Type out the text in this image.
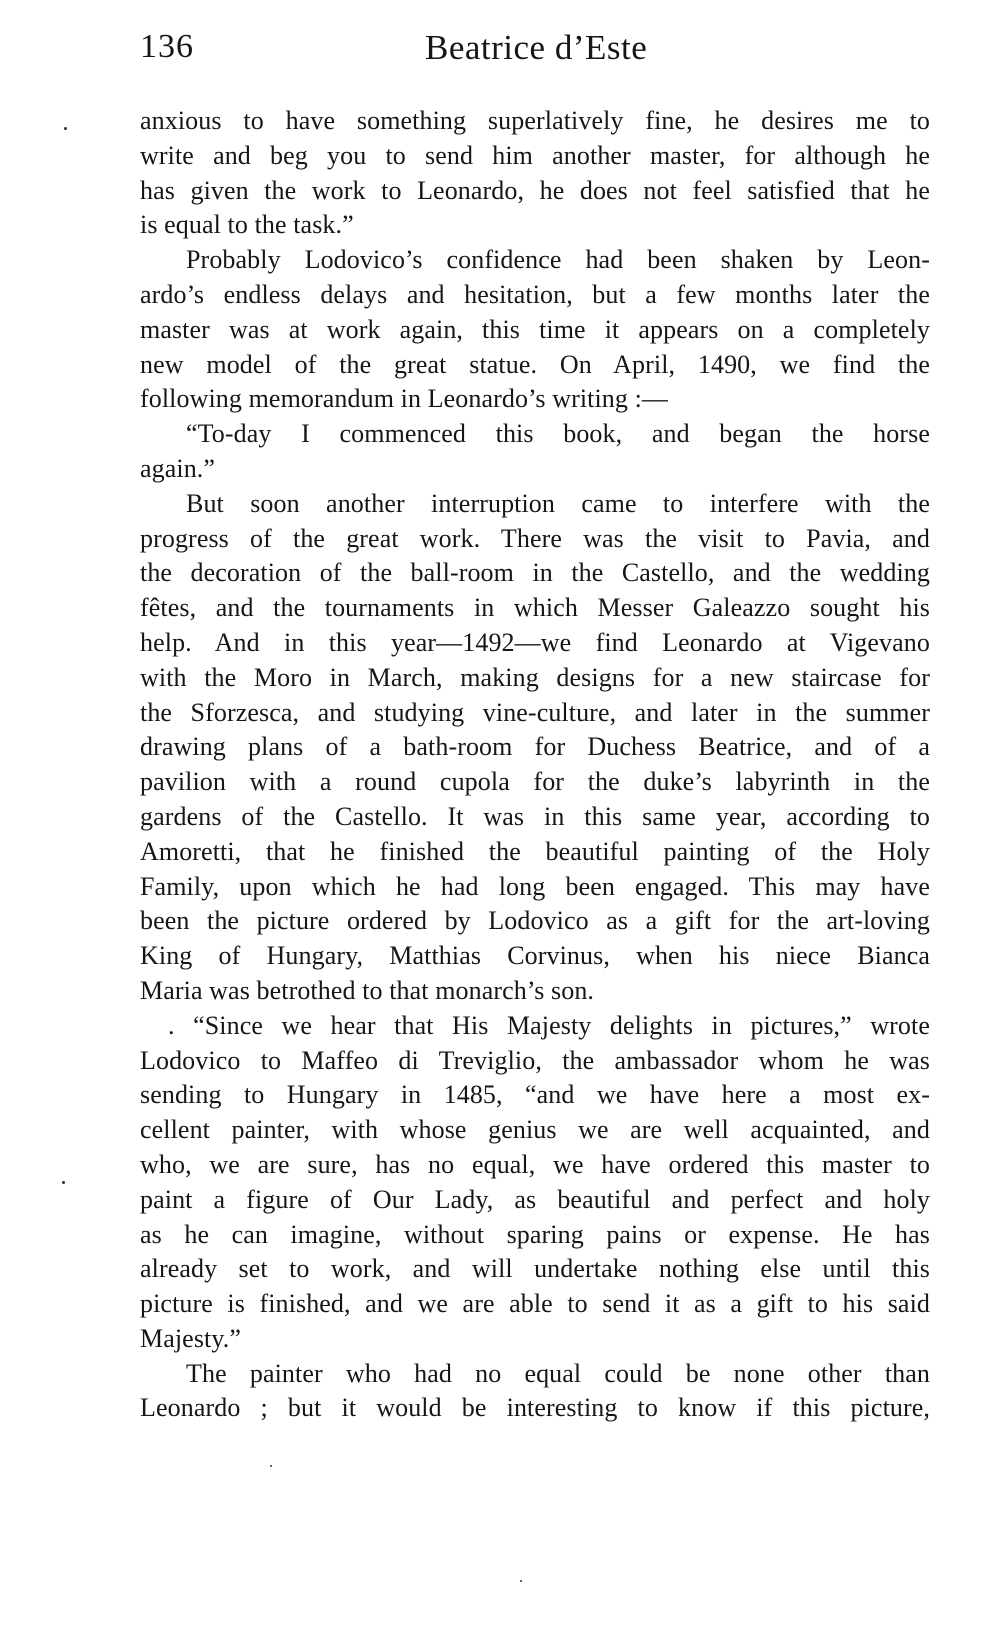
136	Beatrice d’Este
anxious to have something superlatively fine, he desires me to
write and beg you to send him another master, for although he
has given the work to Leonardo, he does not feel satisfied that he
is equal to the task.”
Probably Lodovico’s confidence had been shaken by Leon-
ardo’s endless delays and hesitation, but a few months later the
master was at work again, this time it appears on a completely
new model of the great statue. On April, 1490, we find the
following memorandum in Leonardo’s writing :—
“To-day I commenced this book, and began the horse
again.”
But soon another interruption came to interfere with the
progress of the great work. There was the visit to Pavia, and
the decoration of the ball-room in the Castello, and the wedding
fêtes, and the tournaments in which Messer Galeazzo sought his
help. And in this year—1492—we find Leonardo at Vigevano
with the Moro in March, making designs for a new staircase for
the Sforzesca, and studying vine-culture, and later in the summer
drawing plans of a bath-room for Duchess Beatrice, and of a
pavilion with a round cupola for the duke’s labyrinth in the
gardens of the Castello. It was in this same year, according to
Amoretti, that he finished the beautiful painting of the Holy
Family, upon which he had long been engaged. This may have
been the picture ordered by Lodovico as a gift for the art-loving
King of Hungary, Matthias Corvinus, when his niece Bianca
Maria was betrothed to that monarch’s son.
. “Since we hear that His Majesty delights in pictures,” wrote
Lodovico to Maffeo di Treviglio, the ambassador whom he was
sending to Hungary in 1485, “and we have here a most ex-
cellent painter, with whose genius we are well acquainted, and
who, we are sure, has no equal, we have ordered this master to
paint a figure of Our Lady, as beautiful and perfect and holy
as he can imagine, without sparing pains or expense. He has
already set to work, and will undertake nothing else until this
picture is finished, and we are able to send it as a gift to his said
Majesty.”
The painter who had no equal could be none other than
Leonardo ; but it would be interesting to know if this picture,
